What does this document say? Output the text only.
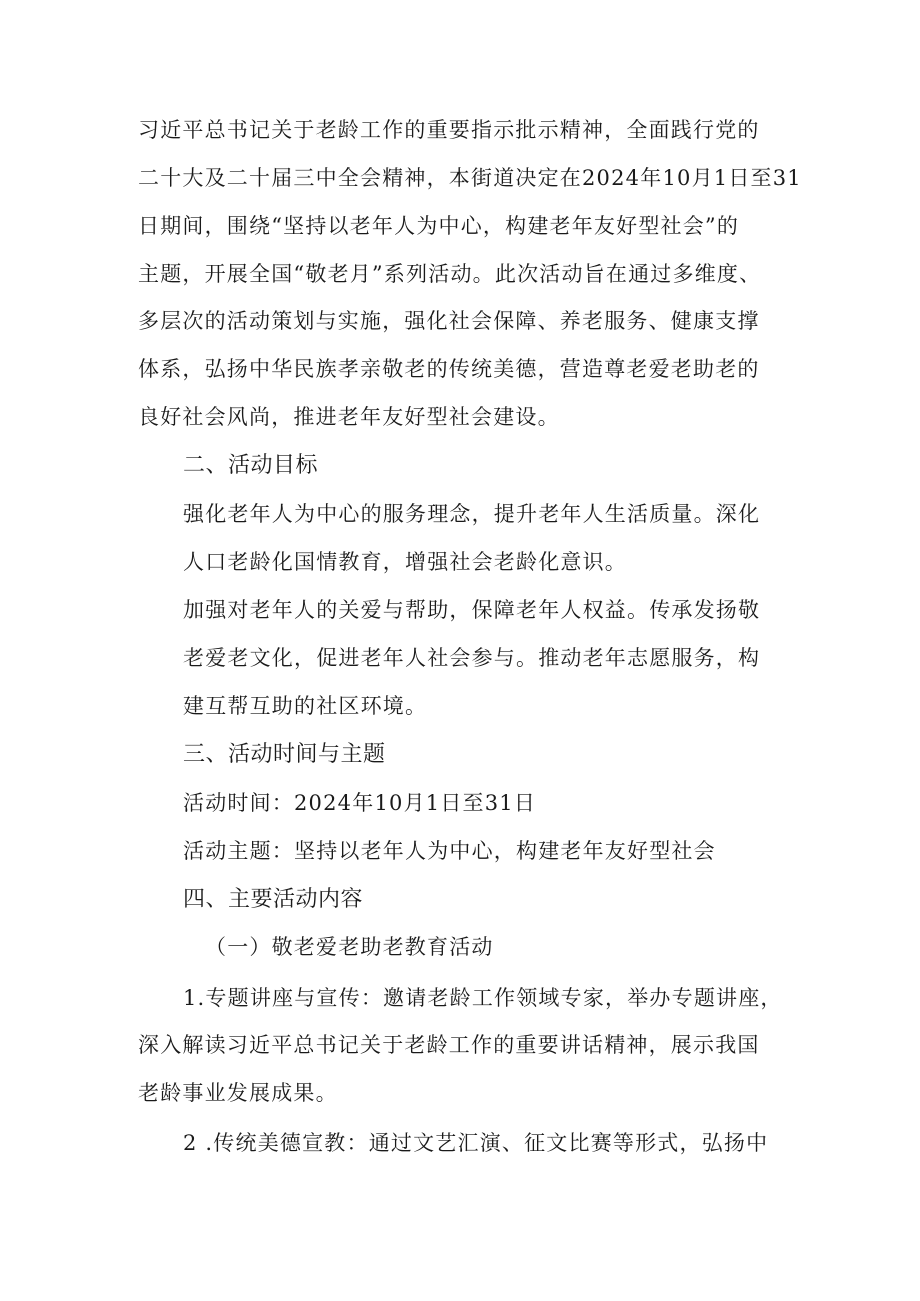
习近平总书记关于老龄工作的重要指示批示精神，全面践行党的
二十大及二十届三中全会精神，本街道决定在2024年10月1日至31
日期间，围绕“坚持以老年人为中心，构建老年友好型社会”的
主题，开展全国“敬老月”系列活动。此次活动旨在通过多维度、
多层次的活动策划与实施，强化社会保障、养老服务、健康支撑
体系，弘扬中华民族孝亲敬老的传统美德，营造尊老爱老助老的
良好社会风尚，推进老年友好型社会建设。
二、活动目标
强化老年人为中心的服务理念，提升老年人生活质量。深化
人口老龄化国情教育，增强社会老龄化意识。
加强对老年人的关爱与帮助，保障老年人权益。传承发扬敬
老爱老文化，促进老年人社会参与。推动老年志愿服务，构
建互帮互助的社区环境。
三、活动时间与主题
活动时间：2024年10月1日至31日
活动主题：坚持以老年人为中心，构建老年友好型社会
四、主要活动内容
（一）敬老爱老助老教育活动
1.专题讲座与宣传：邀请老龄工作领域专家，举办专题讲座，
深入解读习近平总书记关于老龄工作的重要讲话精神，展示我国
老龄事业发展成果。
2 .传统美德宣教：通过文艺汇演、征文比赛等形式，弘扬中
